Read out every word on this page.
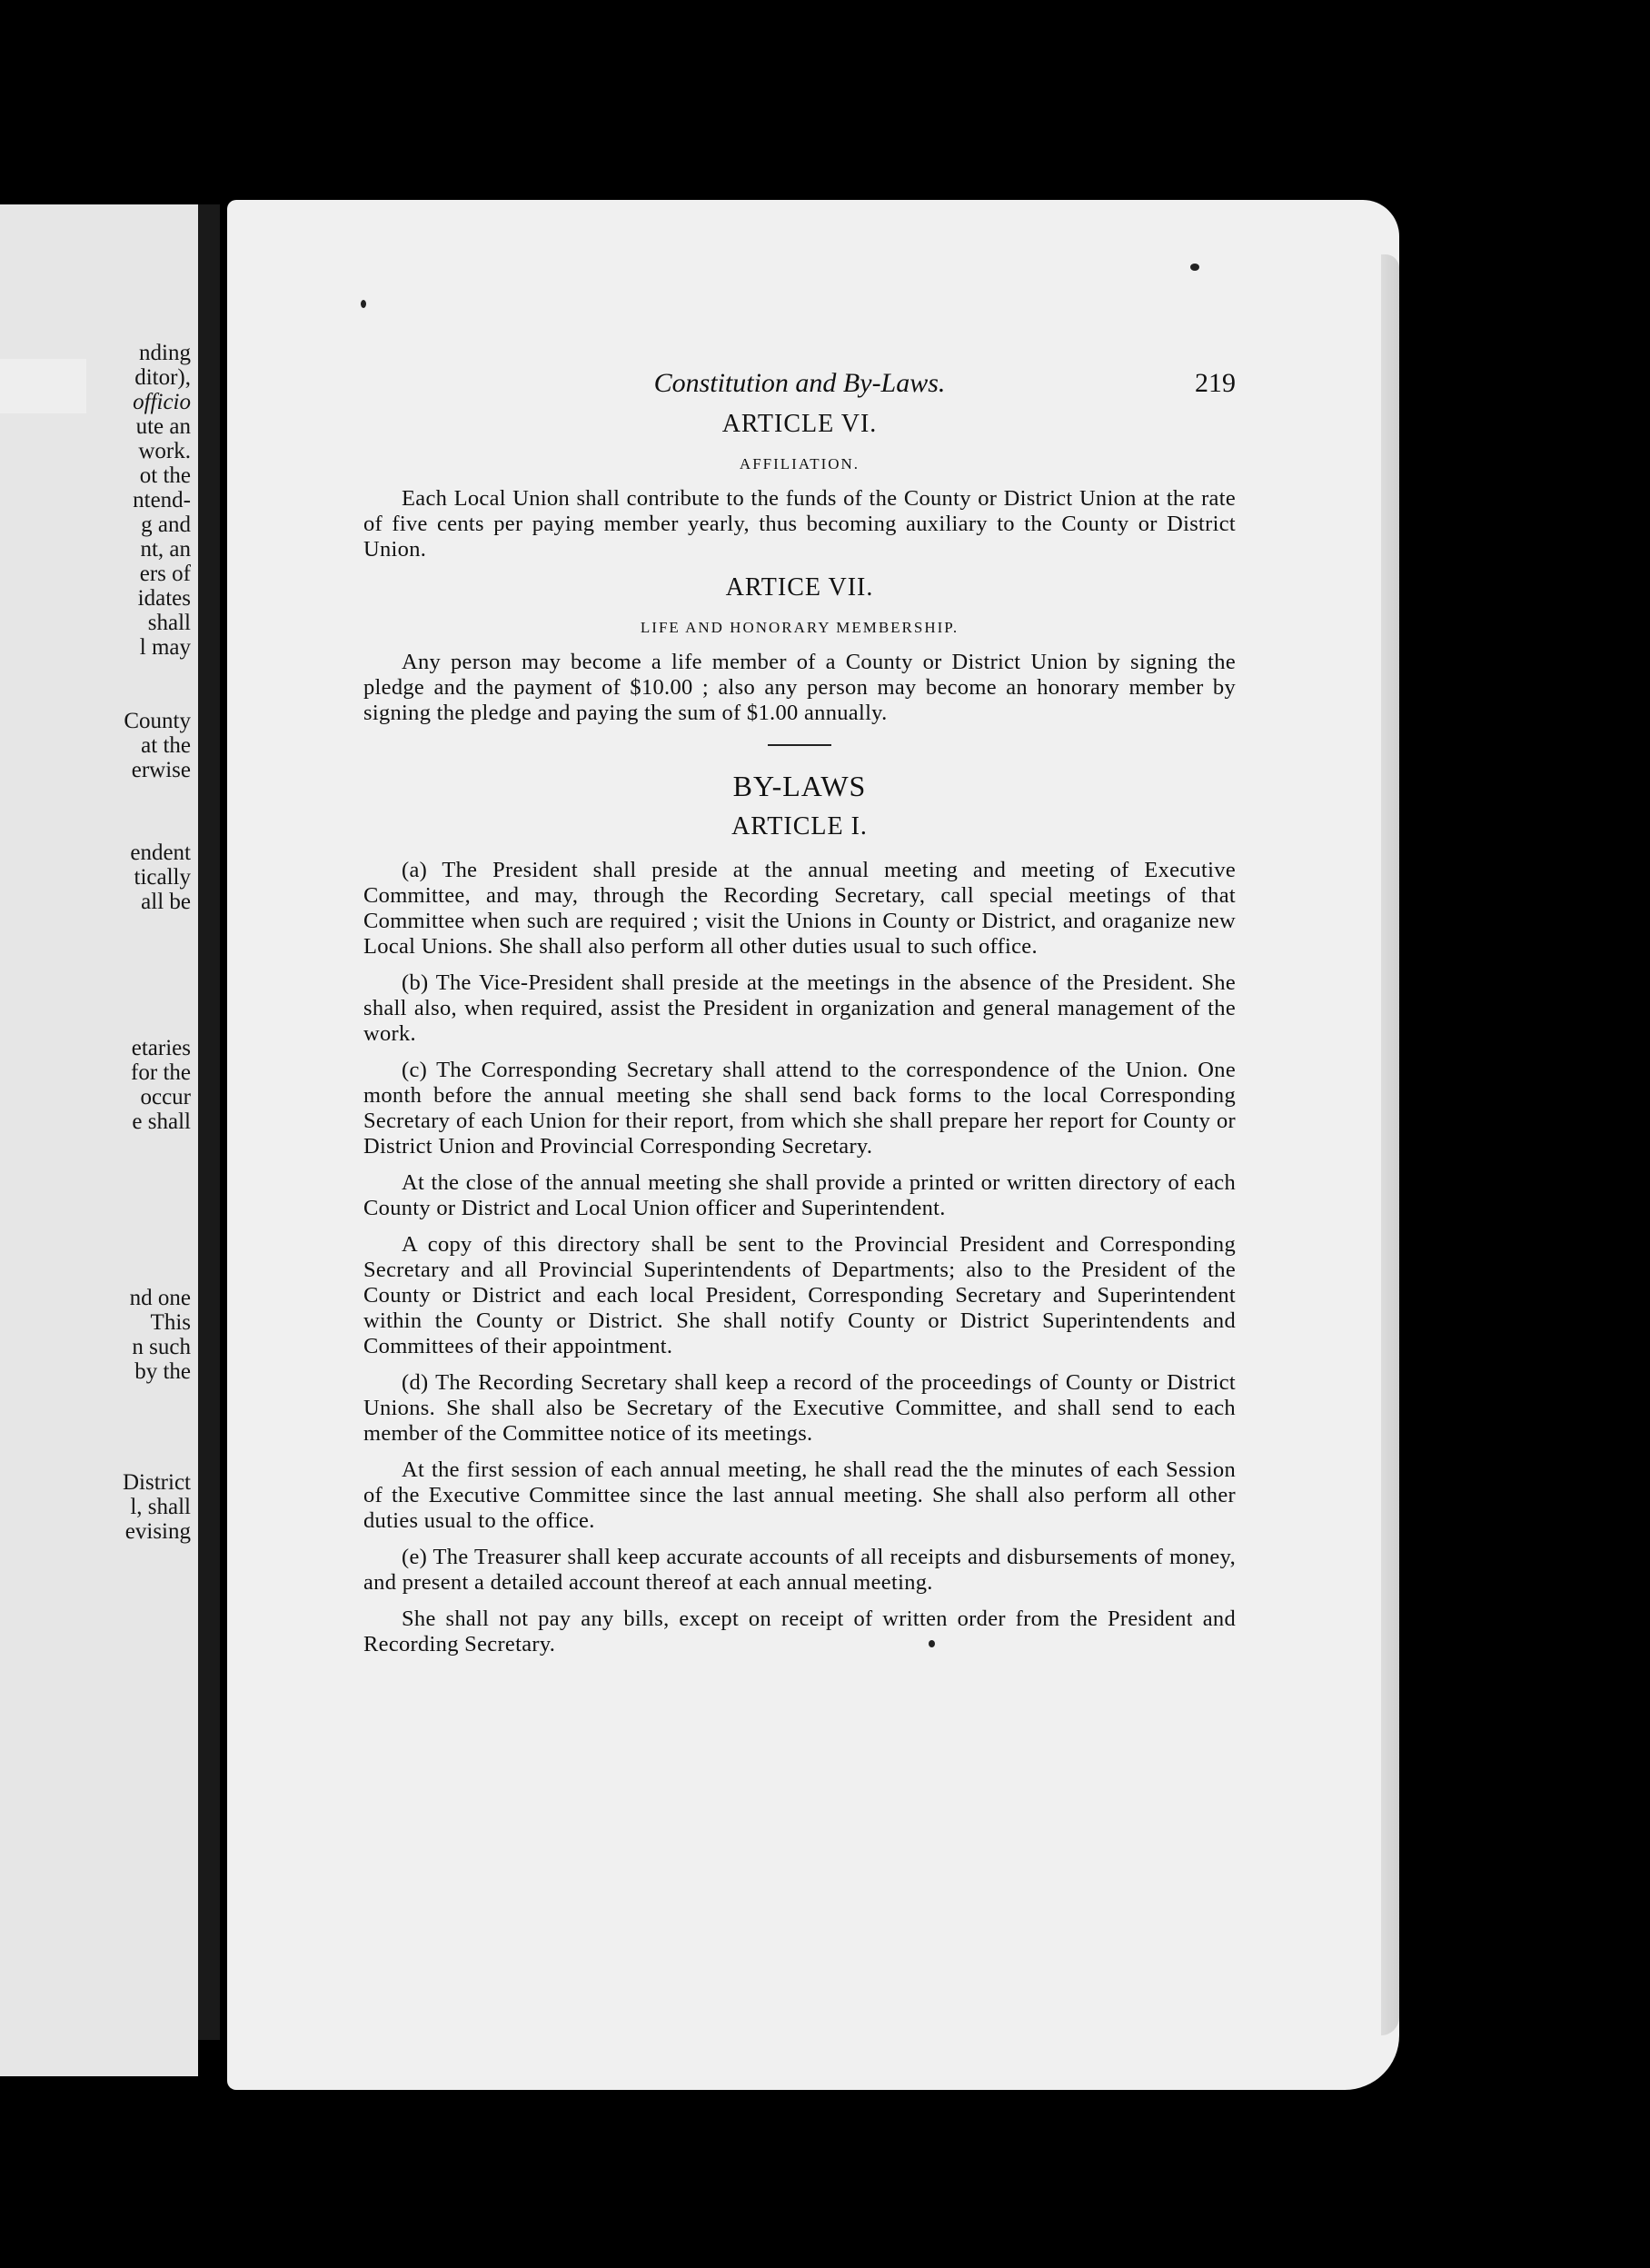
nding
ditor),
officio
ute an
work.
ot the
ntend-
g and
nt, an
ers of
idates
shall
l may
County
at the
erwise
endent
tically
all be
etaries
for the
occur
e shall
nd one
This
n such
by the
District
l, shall
evising
Constitution and By-Laws.	219
ARTICLE VI.
AFFILIATION.

Each Local Union shall contribute to the funds of the County or District Union at the rate of five cents per paying member yearly, thus becoming auxiliary to the County or District Union.

ARTICE VII.
LIFE AND HONORARY MEMBERSHIP.

Any person may become a life member of a County or District Union by signing the pledge and the payment of $10.00 ; also any person may become an honorary member by signing the pledge and paying the sum of $1.00 annually.

BY-LAWS
ARTICLE I.

(a) The President shall preside at the annual meeting and meeting of Executive Committee, and may, through the Recording Secretary, call special meetings of that Committee when such are required ; visit the Unions in County or District, and oraganize new Local Unions. She shall also perform all other duties usual to such office.

(b) The Vice-President shall preside at the meetings in the absence of the President. She shall also, when required, assist the President in organization and general management of the work.

(c) The Corresponding Secretary shall attend to the correspondence of the Union. One month before the annual meeting she shall send back forms to the local Corresponding Secretary of each Union for their report, from which she shall prepare her report for County or District Union and Provincial Corresponding Secretary.

At the close of the annual meeting she shall provide a printed or written directory of each County or District and Local Union officer and Superintendent.

A copy of this directory shall be sent to the Provincial President and Corresponding Secretary and all Provincial Superintendents of Departments; also to the President of the County or District and each local President, Corresponding Secretary and Superintendent within the County or District. She shall notify County or District Superintendents and Committees of their appointment.

(d) The Recording Secretary shall keep a record of the proceedings of County or District Unions. She shall also be Secretary of the Executive Committee, and shall send to each member of the Committee notice of its meetings.

At the first session of each annual meeting, he shall read the the minutes of each Session of the Executive Committee since the last annual meeting. She shall also perform all other duties usual to the office.

(e) The Treasurer shall keep accurate accounts of all receipts and disbursements of money, and present a detailed account thereof at each annual meeting.

She shall not pay any bills, except on receipt of written order from the President and Recording Secretary.
